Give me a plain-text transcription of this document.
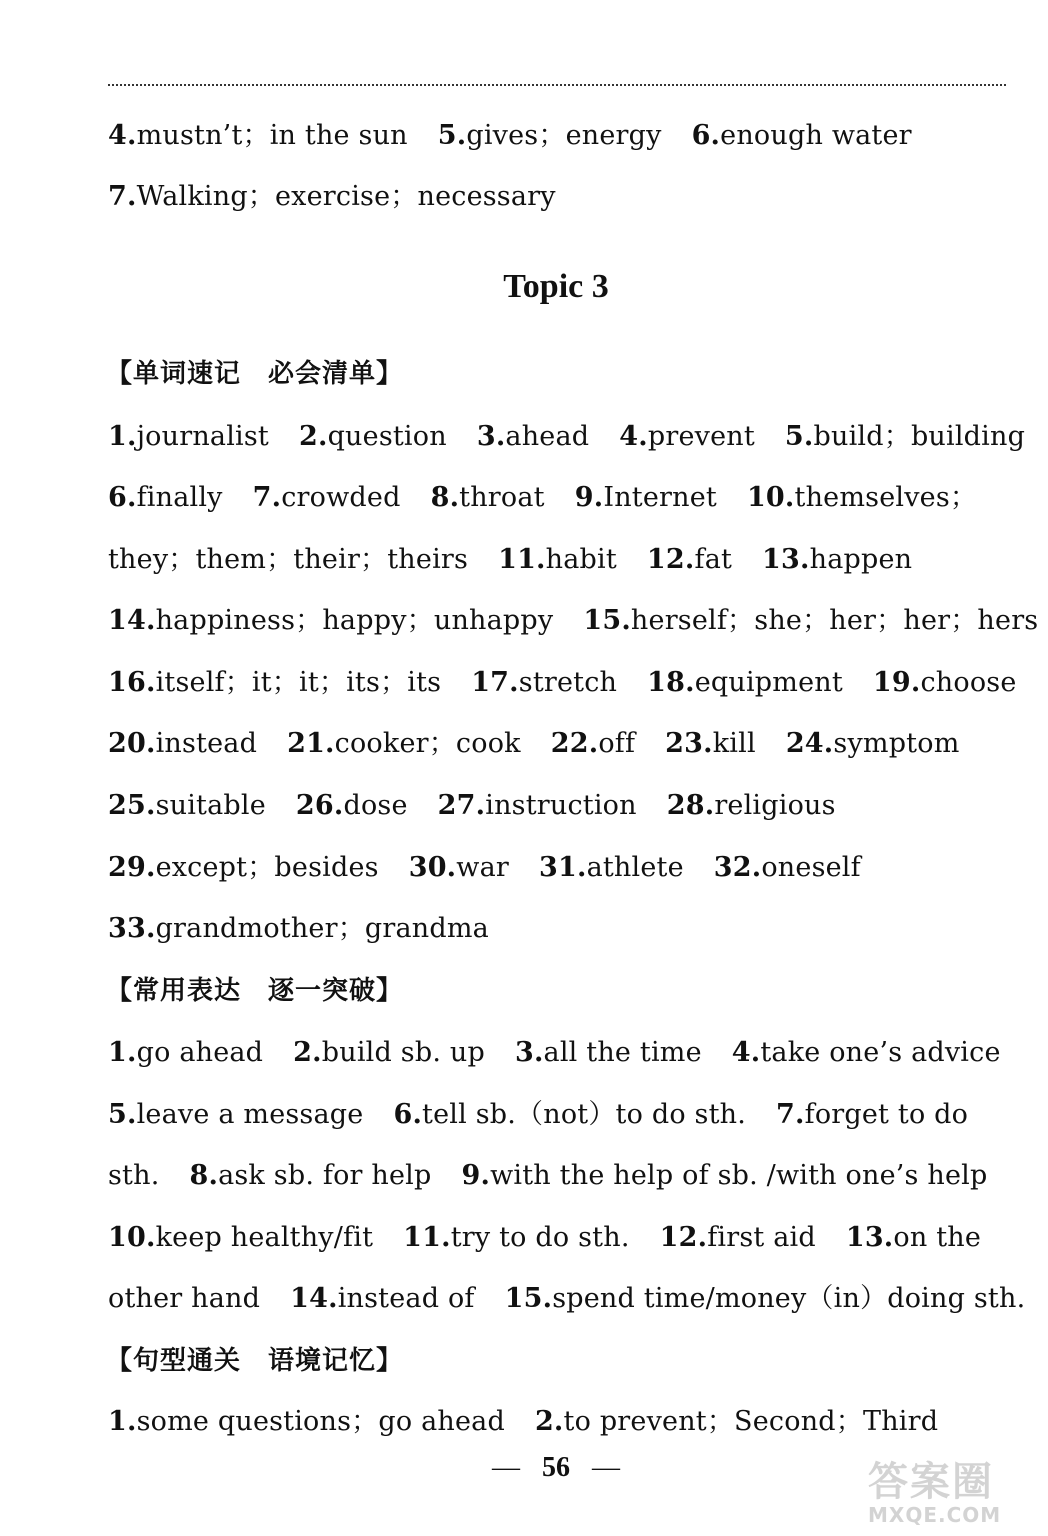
4.mustn’t；in the sun 5.gives；energy 6.enough water
7.Walking；exercise；necessary
Topic 3
【单词速记　必会清单】
1.journalist 2.question 3.ahead 4.prevent 5.build；building
6.finally 7.crowded 8.throat 9.Internet 10.themselves；
they；them；their；theirs 11.habit 12.fat 13.happen
14.happiness；happy；unhappy 15.herself；she；her；her；hers
16.itself；it；it；its；its 17.stretch 18.equipment 19.choose
20.instead 21.cooker；cook 22.off 23.kill 24.symptom
25.suitable 26.dose 27.instruction 28.religious
29.except；besides 30.war 31.athlete 32.oneself
33.grandmother；grandma
【常用表达　逐一突破】
1.go ahead 2.build sb. up 3.all the time 4.take one’s advice
5.leave a message 6.tell sb.（not）to do sth. 7.forget to do
sth. 8.ask sb. for help 9.with the help of sb. /with one’s help
10.keep healthy/fit 11.try to do sth. 12.first aid 13.on the
other hand 14.instead of 15.spend time/money（in）doing sth.
【句型通关　语境记忆】
1.some questions；go ahead 2.to prevent；Second；Third
— 56 —	答案圈
MXQE.COM
